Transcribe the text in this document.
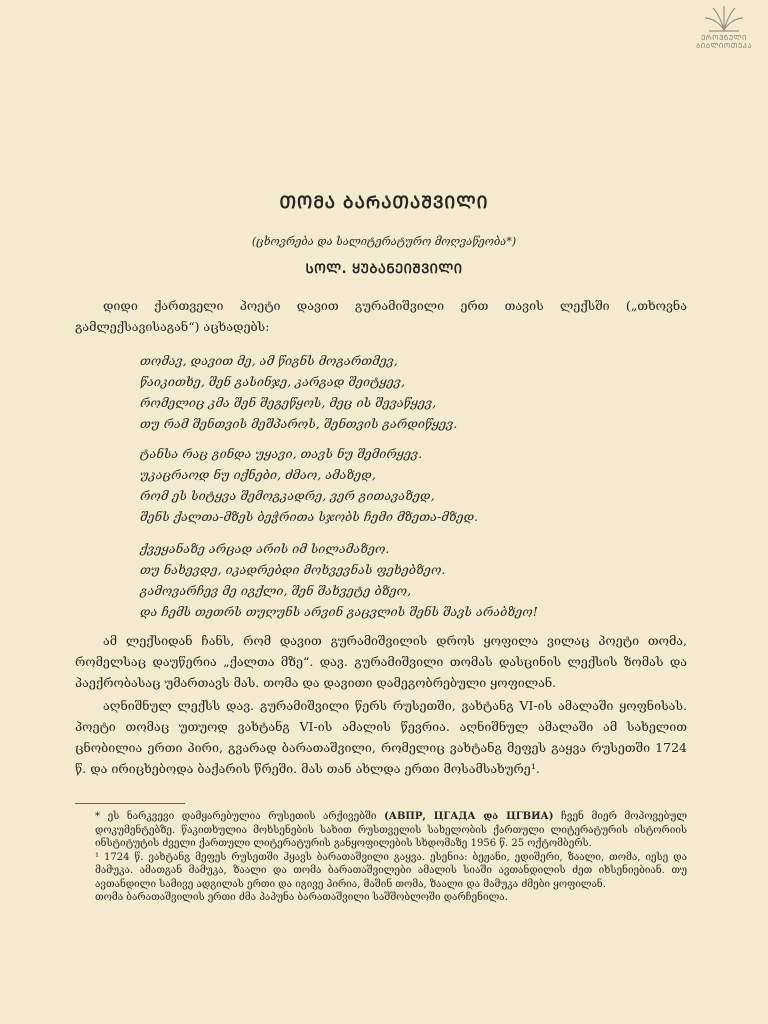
ᲔᲠᲝᲕᲜᲣᲚᲘ
ᲑᲘᲑᲚᲘᲝᲗᲔᲙᲐ
ᲗᲝᲛᲐ ᲑᲐᲠᲐᲗᲐᲨᲕᲘᲚᲘ
(ცხოვრება და სალიტერატურო მოღვაწეობა*)
ᲡᲝᲚ. ᲧᲣᲑᲐᲜᲔᲘᲨᲕᲘᲚᲘ

დიდი ქართველი პოეტი დავით გურამიშვილი ერთ თავის ლექსში („თხოვნა გამლექსავისაგან“) აცხადებს:

თომავ, დავით მე, ამ წიგნს მოგართმევ,
წაიკითხე, შენ გასინჯე, კარგად შეიტყევ,
რომელიც კმა შენ შეგეწყოს, მეც ის შევაწყევ,
თუ რამ შენთვის მეშპაროს, შენთვის გარდიწყევ.
ტანსა რაც გინდა უყავი, თავს ნუ შემირყევ.
უკაცრაოდ ნუ იქნები, ძმაო, ამაზედ,
რომ ეს სიტყვა შემოგკადრე, ვერ გითავაზედ,
შენს ქალთა-მზეს ბეჭრითა სჯობს ჩემი მზეთა-მზედ.
ქვეყანაზე არცად არის იმ სილამაზეო.
თუ ნახევდე, იკადრებდი მოხვევნას ფეხებზეო.
გამოვარჩევ მე იგქლი, შენ შახვეტე ბზეო,
და ჩემს თეთრს თუღუნს არვინ გაცვლის შენს შავს არაბზეო!

ამ ლექსიდან ჩანს, რომ დავით გურამიშვილის დროს ყოფილა ვილაც პოეტი თომა, რომელსაც დაუწერია „ქალთა მზე“. დავ. გურამიშვილი თომას დასცინის ლექსის ზომას და პაექრობასაც უმართავს მას. თომა და დავითი დამეგობრებული ყოფილან.

აღნიშნულ ლექსს დავ. გურამიშვილი წერს რუსეთში, ვახტანგ VI-ის ამალაში ყოფნისას. პოეტი თომაც უთუოდ ვახტანგ VI-ის ამალის წევრია. აღნიშნულ ამალაში ამ სახელით ცნობილია ერთი პირი, გვარად ბარათაშვილი, რომელიც ვახტანგ მეფეს გაყვა რუსეთში 1724 წ. და ირიცხებოდა ბაქარის წრეში. მას თან ახლდა ერთი მოსამსახურე¹.

* ეს ნარკვევი დამყარებულია რუსეთის არქივებში (АВПР, ЦГАДА და ЦГВИА) ჩვენ მიერ მოპოვებულ დოკუმენტებზე. წაკითხულია მოხსენების სახით რუსთველის სახელობის ქართული ლიტერატურის ისტორიის ინსტიტუტის ძველი ქართული ლიტერატურის განყოფილების სხდომაზე 1956 წ. 25 ოქტომბერს.
¹ 1724 წ. ვახტანგ მეფეს რუსეთში ჰყავს ბარათაშვილი გაყვა. ესენია: ბეჟანი, ედიშერი, ზაალი, თომა, იესე და მამუკა. ამათგან მამუკა, ზაალი და თომა ბარათაშვილები ამალის სიაში ავთანდილის ძეთ იხსენიებიან. თუ ავთანდილი სამივე ადგილას ერთი და იგივე პირია, მაშინ თომა, ზაალი და მამუკა ძმები ყოფილან.
თომა ბარათაშვილის ერთი ძმა პაპუნა ბარათაშვილი საშშობლოში დარჩენილა.
